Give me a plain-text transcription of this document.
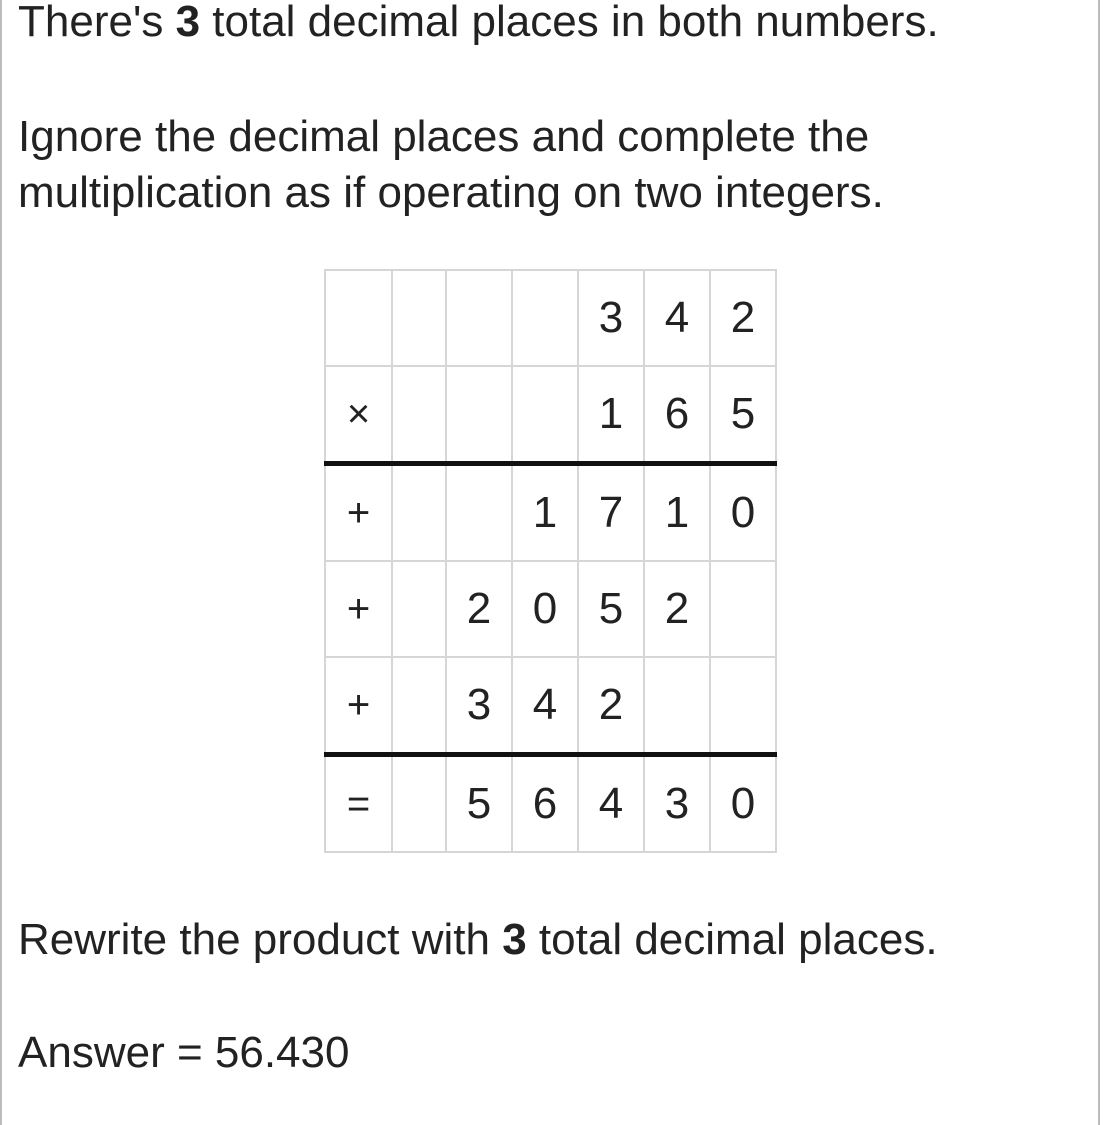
There's 3 total decimal places in both numbers.

Ignore the decimal places and complete the

multiplication as if operating on two integers.

				3	4	2
×				1	6	5
+			1	7	1	0
+		2	0	5	2	
+		3	4	2		
=		5	6	4	3	0

Rewrite the product with 3 total decimal places.

Answer = 56.430
